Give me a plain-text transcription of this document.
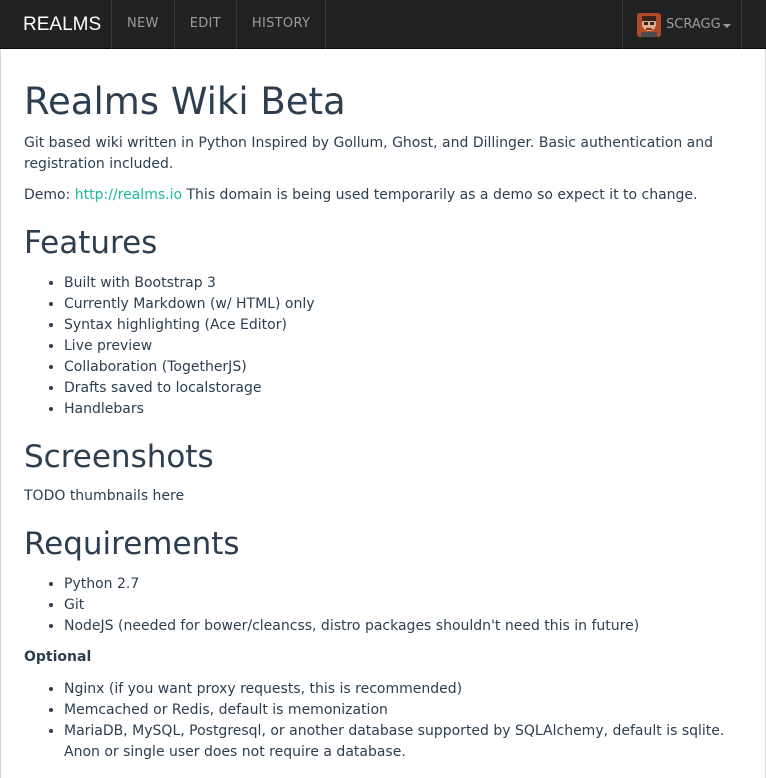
REALMS	NEW	EDIT	HISTORY	SCRAGG
Realms Wiki Beta

Git based wiki written in Python Inspired by Gollum, Ghost, and Dillinger. Basic authentication and registration included.

Demo: http://realms.io This domain is being used temporarily as a demo so expect it to change.

Features
• Built with Bootstrap 3
• Currently Markdown (w/ HTML) only
• Syntax highlighting (Ace Editor)
• Live preview
• Collaboration (TogetherJS)
• Drafts saved to localstorage
• Handlebars
Screenshots

TODO thumbnails here

Requirements
• Python 2.7
• Git
• NodeJS (needed for bower/cleancss, distro packages shouldn't need this in future)
Optional
• Nginx (if you want proxy requests, this is recommended)
• Memcached or Redis, default is memonization
• MariaDB, MySQL, Postgresql, or another database supported by SQLAlchemy, default is sqlite. Anon or single user does not require a database.
